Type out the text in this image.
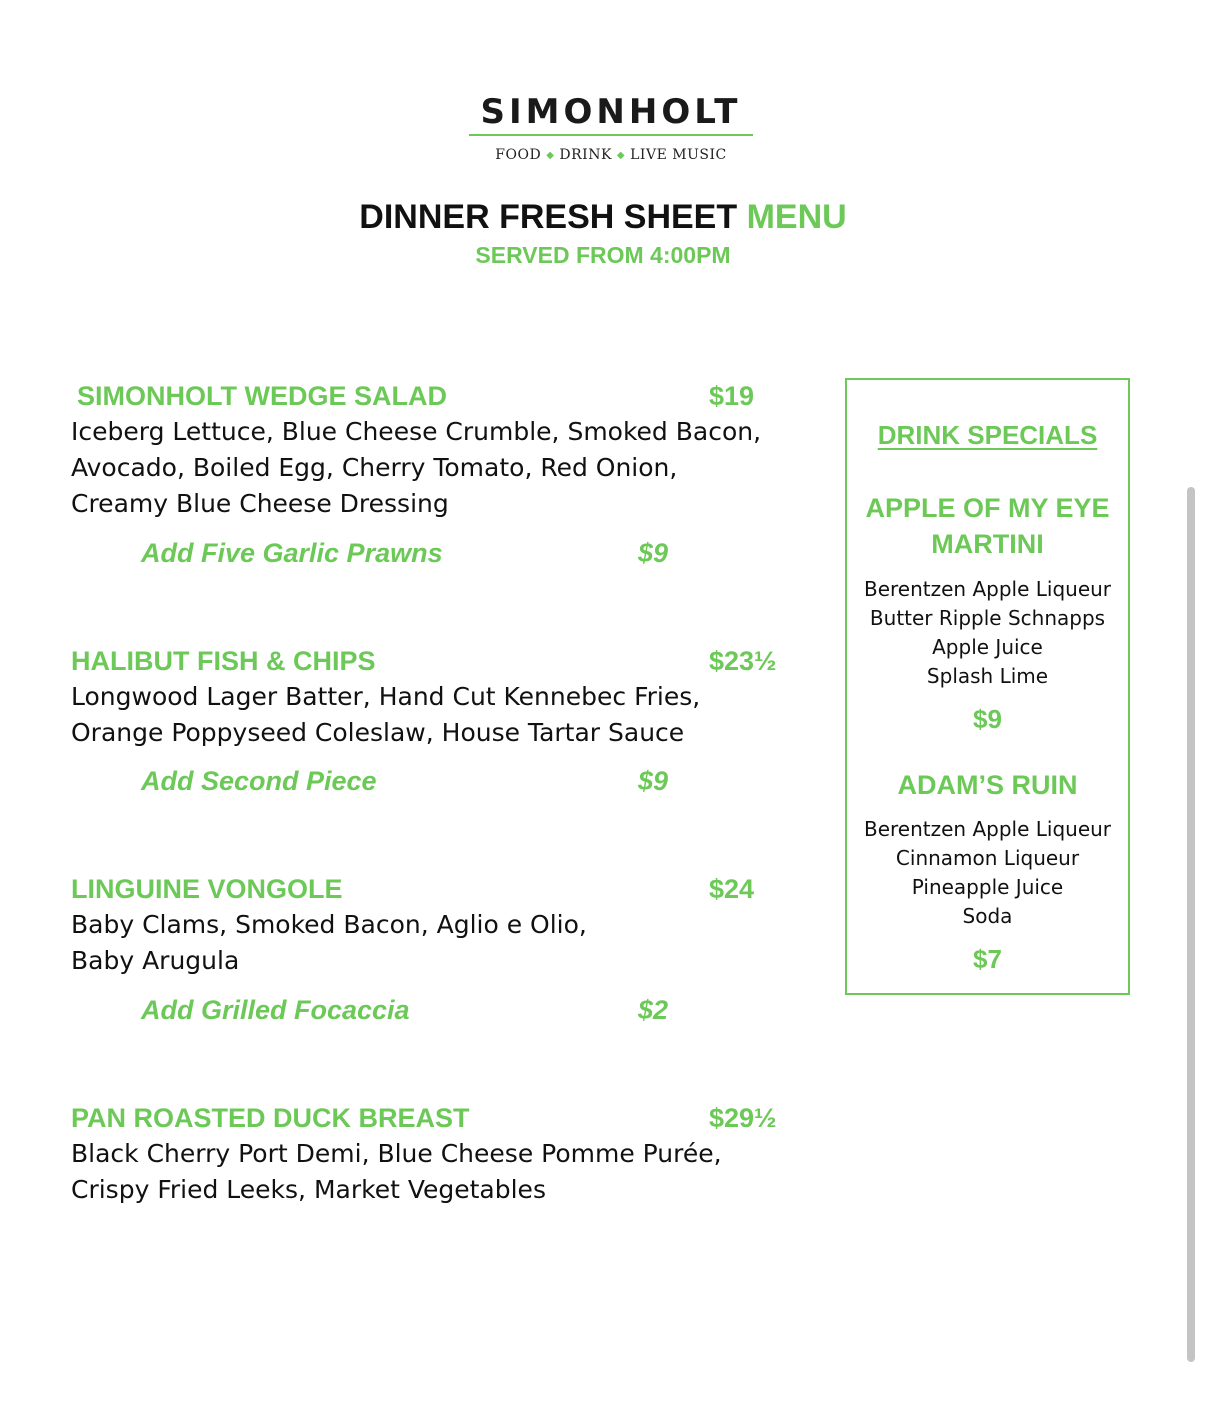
SIMONHOLT
FOOD ◆ DRINK ◆ LIVE MUSIC
DINNER FRESH SHEET MENU
SERVED FROM 4:00PM
SIMONHOLT WEDGE SALAD	$19
Iceberg Lettuce, Blue Cheese Crumble, Smoked Bacon,
Avocado, Boiled Egg, Cherry Tomato, Red Onion,
Creamy Blue Cheese Dressing
Add Five Garlic Prawns	$9
HALIBUT FISH & CHIPS	$23½
Longwood Lager Batter, Hand Cut Kennebec Fries,
Orange Poppyseed Coleslaw, House Tartar Sauce
Add Second Piece	$9
LINGUINE VONGOLE	$24
Baby Clams, Smoked Bacon, Aglio e Olio,
Baby Arugula
Add Grilled Focaccia	$2
PAN ROASTED DUCK BREAST	$29½
Black Cherry Port Demi, Blue Cheese Pomme Purée,
Crispy Fried Leeks, Market Vegetables
DRINK SPECIALS
APPLE OF MY EYE
MARTINI
Berentzen Apple Liqueur
Butter Ripple Schnapps
Apple Juice
Splash Lime
$9
ADAM’S RUIN
Berentzen Apple Liqueur
Cinnamon Liqueur
Pineapple Juice
Soda
$7
